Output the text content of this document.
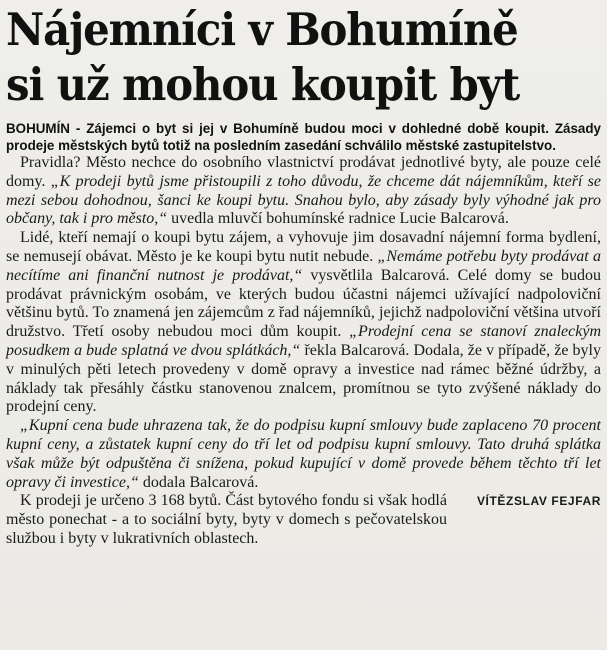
Nájemníci v Bohumíně
si už mohou koupit byt

BOHUMÍN - Zájemci o byt si jej v Bohumíně budou moci v dohledné době koupit. Zásady prodeje městských bytů totiž na posledním zasedání schválilo městské zastupitelstvo.

Pravidla? Město nechce do osobního vlastnictví prodávat jednotlivé byty, ale pouze celé domy. „K prodeji bytů jsme přistoupili z toho důvodu, že chceme dát nájemníkům, kteří se mezi sebou dohodnou, šanci ke koupi bytu. Snahou bylo, aby zásady byly výhodné jak pro občany, tak i pro město,“ uvedla mluvčí bohumínské radnice Lucie Balcarová.

Lidé, kteří nemají o koupi bytu zájem, a vyhovuje jim dosavadní nájemní forma bydlení, se nemusejí obávat. Město je ke koupi bytu nutit nebude. „Nemáme potřebu byty prodávat a necítíme ani finanční nutnost je prodávat,“ vysvětlila Balcarová. Celé domy se budou prodávat právnickým osobám, ve kterých budou účastni nájemci užívající nadpoloviční většinu bytů. To znamená jen zájemcům z řad nájemníků, jejichž nadpoloviční většina utvoří družstvo. Třetí osoby nebudou moci dům koupit. „Prodejní cena se stanoví znaleckým posudkem a bude splatná ve dvou splátkách,“ řekla Balcarová. Dodala, že v případě, že byly v minulých pěti letech provedeny v domě opravy a investice nad rámec běžné údržby, a náklady tak přesáhly částku stanovenou znalcem, promítnou se tyto zvýšené náklady do prodejní ceny.

„Kupní cena bude uhrazena tak, že do podpisu kupní smlouvy bude zaplaceno 70 procent kupní ceny, a zůstatek kupní ceny do tří let od podpisu kupní smlouvy. Tato druhá splátka však může být odpuštěna či snížena, pokud kupující v domě provede během těchto tří let opravy či investice,“ dodala Balcarová.

K prodeji je určeno 3 168 bytů. Část bytového fondu si však hodlá město ponechat - a to sociální byty, byty v domech s pečovatelskou službou i byty v lukrativních oblastech.
VÍTĚZSLAV FEJFAR
